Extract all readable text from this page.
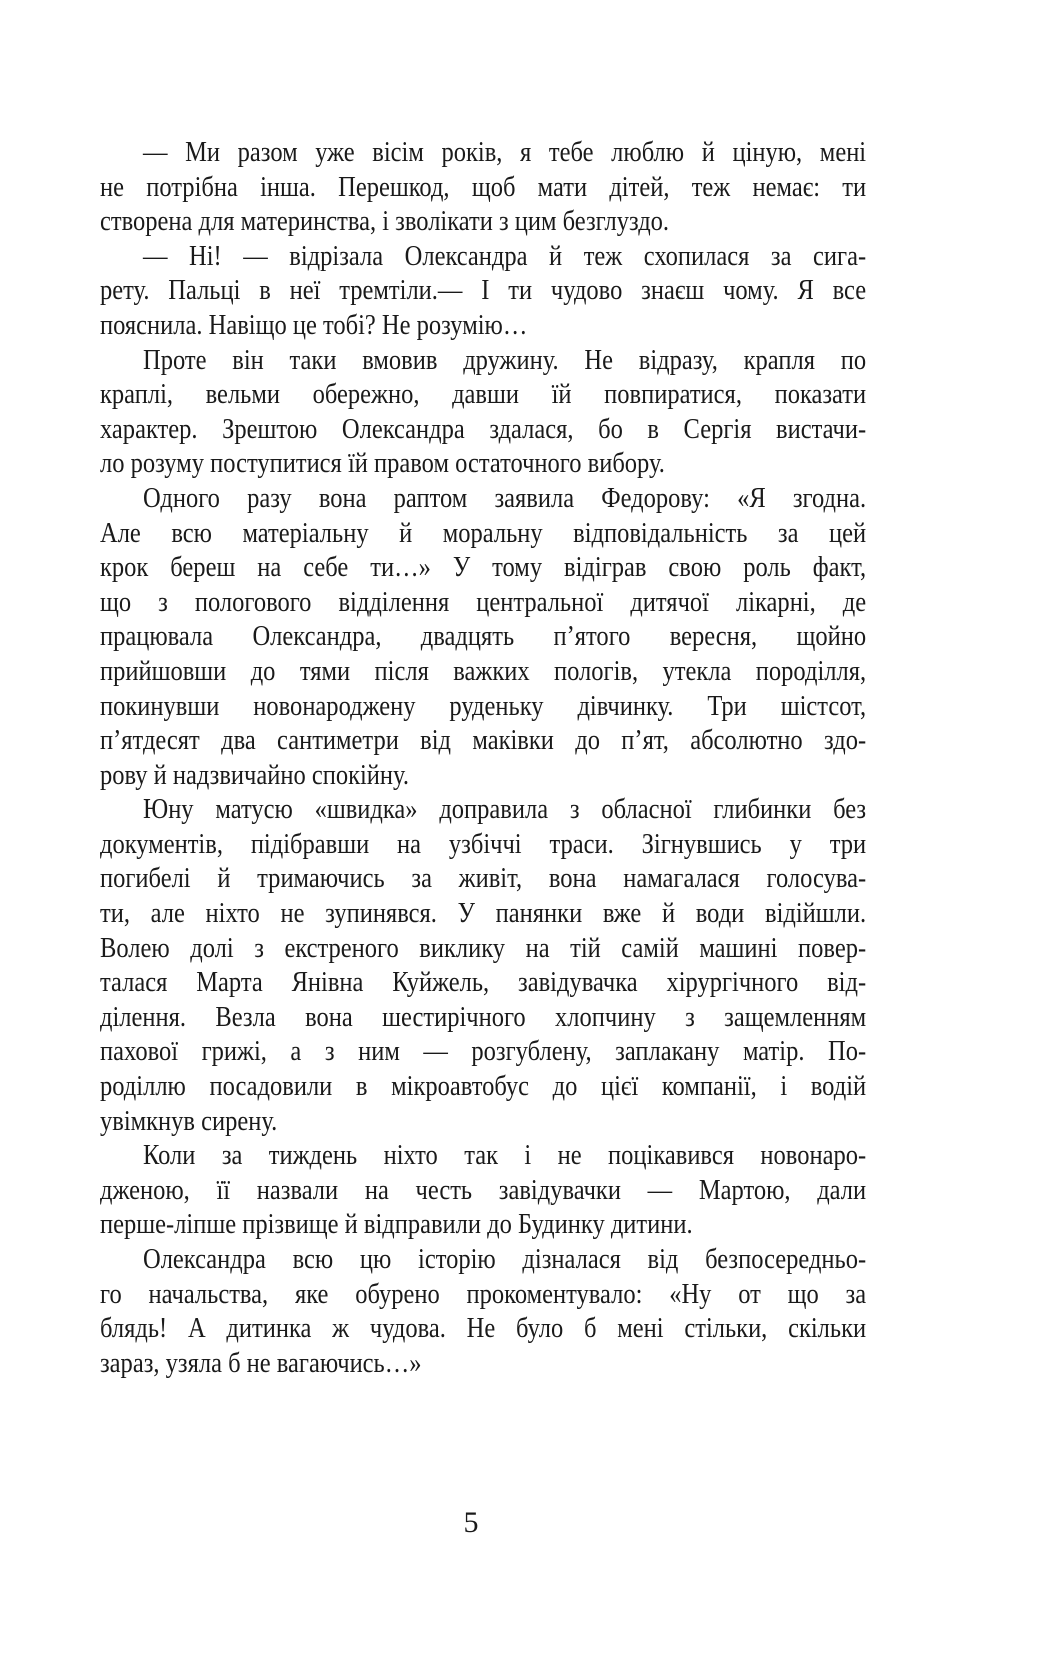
— Ми разом уже вісім років, я тебе люблю й ціную, мені
не потрібна інша. Перешкод, щоб мати дітей, теж немає: ти
створена для материнства, і зволікати з цим безглуздо.
— Ні! — відрізала Олександра й теж схопилася за сига-
рету. Пальці в неї тремтіли.— І ти чудово знаєш чому. Я все
пояснила. Навіщо це тобі? Не розумію…
Проте він таки вмовив дружину. Не відразу, крапля по
краплі, вельми обережно, давши їй повпиратися, показати
характер. Зрештою Олександра здалася, бо в Сергія вистачи-
ло розуму поступитися їй правом остаточного вибору.
Одного разу вона раптом заявила Федорову: «Я згодна.
Але всю матеріальну й моральну відповідальність за цей
крок береш на себе ти…» У тому відіграв свою роль факт,
що з пологового відділення центральної дитячої лікарні, де
працювала Олександра, двадцять п’ятого вересня, щойно
прийшовши до тями після важких пологів, утекла породілля,
покинувши новонароджену руденьку дівчинку. Три шістсот,
п’ятдесят два сантиметри від маківки до п’ят, абсолютно здо-
рову й надзвичайно спокійну.
Юну матусю «швидка» доправила з обласної глибинки без
документів, підібравши на узбіччі траси. Зігнувшись у три
погибелі й тримаючись за живіт, вона намагалася голосува-
ти, але ніхто не зупинявся. У панянки вже й води відійшли.
Волею долі з екстреного виклику на тій самій машині повер-
талася Марта Янівна Куйжель, завідувачка хірургічного від-
ділення. Везла вона шестирічного хлопчину з защемленням
пахової грижі, а з ним — розгублену, заплакану матір. По-
роділлю посадовили в мікроавтобус до цієї компанії, і водій
увімкнув сирену.
Коли за тиждень ніхто так і не поцікавився новонаро-
дженою, її назвали на честь завідувачки — Мартою, дали
перше-ліпше прізвище й відправили до Будинку дитини.
Олександра всю цю історію дізналася від безпосередньо-
го начальства, яке обурено прокоментувало: «Ну от що за
блядь! А дитинка ж чудова. Не було б мені стільки, скільки
зараз, узяла б не вагаючись…»
5
